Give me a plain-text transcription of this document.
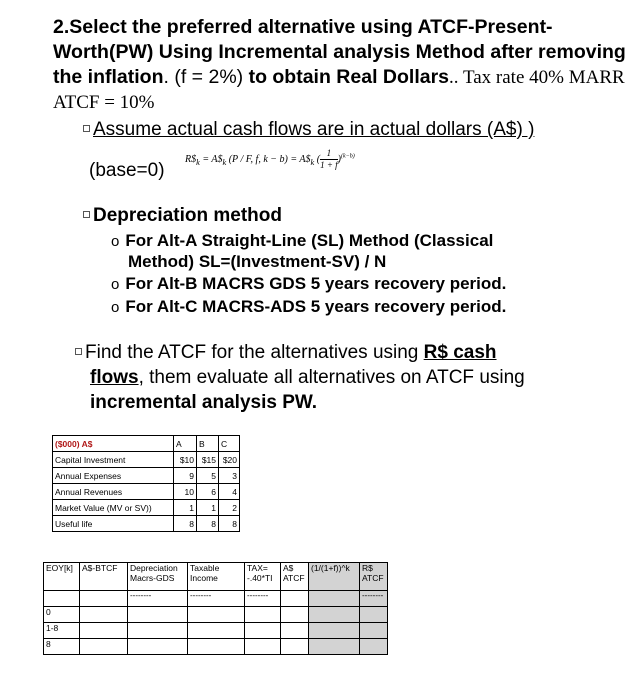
2.Select the preferred alternative using ATCF-Present-Worth(PW) Using Incremental analysis Method after removing the inflation. (f = 2%) to obtain Real Dollars.. Tax rate 40% MARR ATCF = 10%
Assume actual cash flows are in actual dollars (A$) )
(base=0)
$R\$_k$ = $A\$_k$ (P / F, f, $k - b) = A\$_k$ ( $\frac{1}{1 + f} )^{(k-b)}$
Depreciation method
o For Alt-A Straight-Line (SL) Method (Classical
Method) SL=(Investment-SV) / N
o For Alt-B MACRS GDS 5 years recovery period.
o For Alt-C MACRS-ADS 5 years recovery period.
Find the ATCF for the alternatives using R$ cash
flows, them evaluate all alternatives on ATCF using
incremental analysis PW.
($000) A$	A	B	C
Capital Investment	$10	$15	$20
Annual Expenses	9	5	3
Annual Revenues	10	6	4
Market Value (MV or SV))	1	1	2
Useful life	8	8	8
EOY[k]	A$-BTCF	Depreciation Macrs-GDS	Taxable Income	TAX= -.40*TI	A$ ATCF	(1/(1+f))^k	R$ ATCF
		--------	--------	--------			--------
0							
1-8							
8							
